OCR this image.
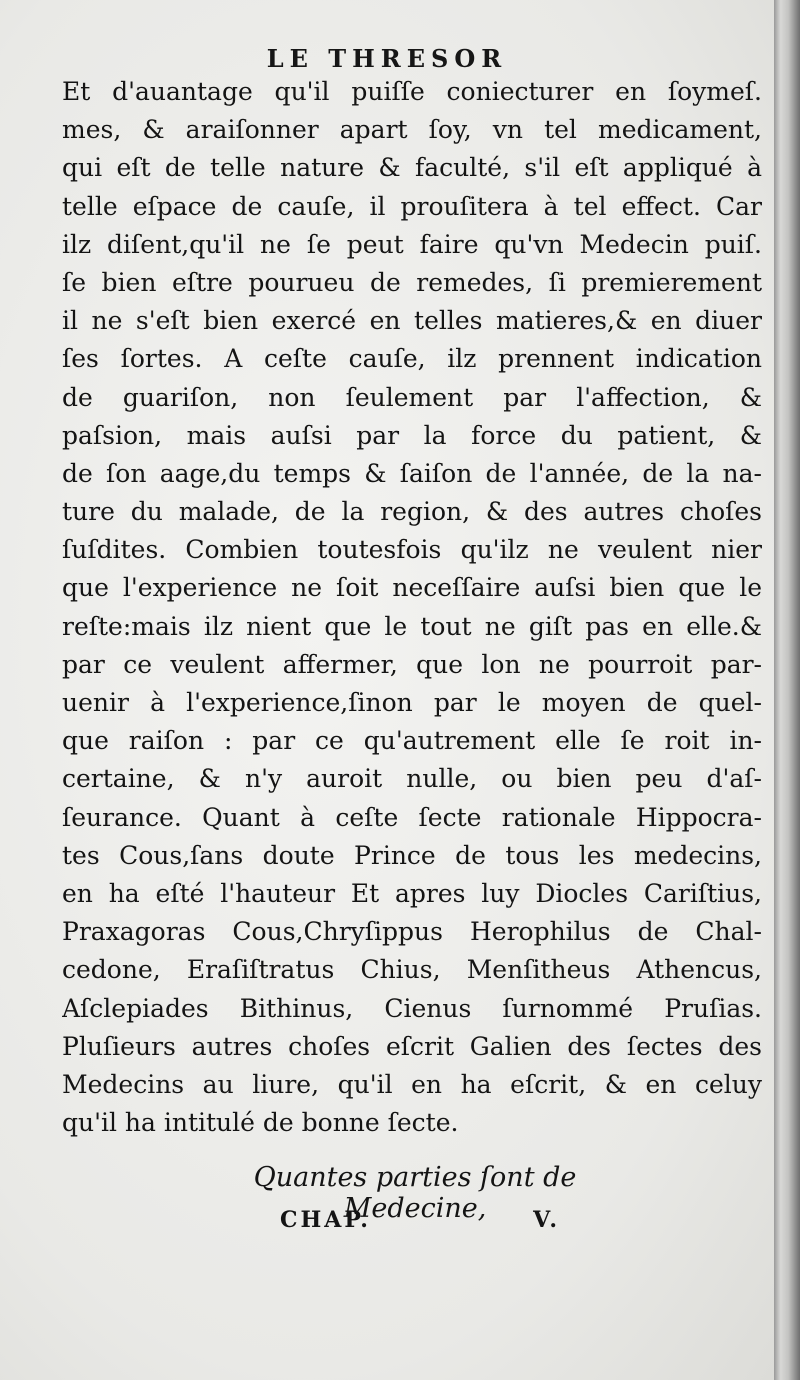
LE THRESOR
Et d'auantage qu'il puiſſe coniecturer en ſoymeſ.
mes, & araiſonner apart ſoy, vn tel medicament,
qui eſt de telle nature & faculté, s'il eſt appliqué à
telle eſpace de cauſe, il prouſitera à tel effect. Car
ilz diſent,qu'il ne ſe peut faire qu'vn Medecin puiſ.
ſe bien eſtre pourueu de remedes, ſi premierement
il ne s'eſt bien exercé en telles matieres,& en diuer
ſes ſortes. A ceſte cauſe, ilz prennent indication
de guariſon, non ſeulement par l'affection, &
paſsion, mais auſsi par la force du patient, &
de ſon aage,du temps & ſaiſon de l'année, de la na-
ture du malade, de la region, & des autres choſes
ſuſdites. Combien toutesfois qu'ilz ne veulent nier
que l'experience ne ſoit neceſſaire auſsi bien que le
reſte:mais ilz nient que le tout ne giſt pas en elle.&
par ce veulent affermer, que lon ne pourroit par-
uenir à l'experience,ſinon par le moyen de quel-
que raiſon : par ce qu'autrement elle ſe roit in-
certaine, & n'y auroit nulle, ou bien peu d'aſ-
ſeurance. Quant à ceſte ſecte rationale Hippocra-
tes Cous,ſans doute Prince de tous les medecins,
en ha eſté l'hauteur Et apres luy Diocles Cariſtius,
Praxagoras Cous,Chryſippus Herophilus de Chal-
cedone, Eraſiſtratus Chius, Menſitheus Athencus,
Aſclepiades Bithinus, Cienus ſurnommé Pruſias.
Pluſieurs autres choſes eſcrit Galien des ſectes des
Medecins au liure, qu'il en ha eſcrit, & en celuy
qu'il ha intitulé de bonne ſecte.
Quantes parties ſont de Medecine,
CHAP.	V.
